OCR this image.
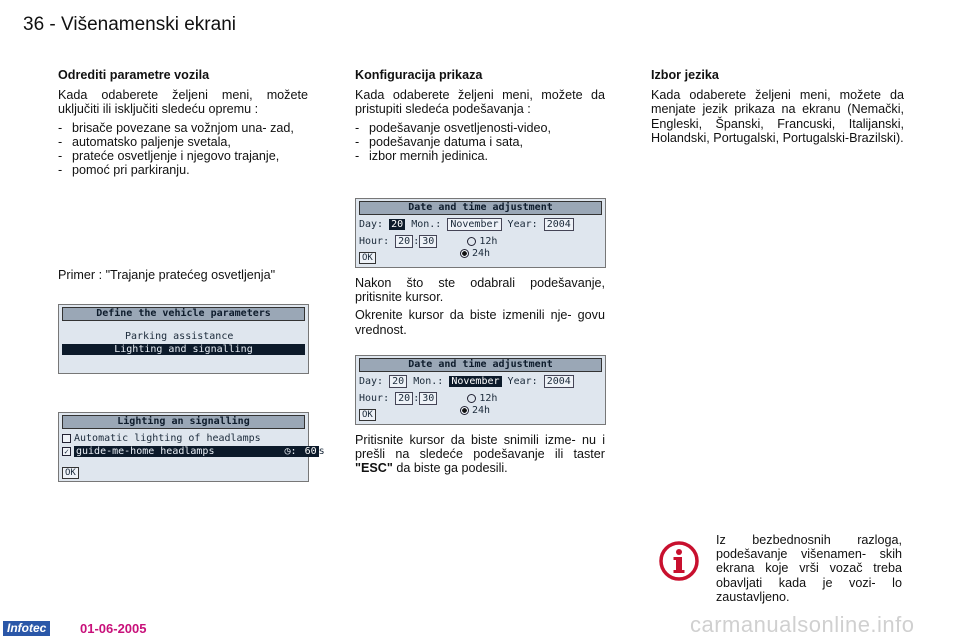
36 - Višenamenski ekrani
Odrediti parametre vozila

Kada odaberete željeni meni, možete uključiti ili isključiti sledeću opremu :

- brisače povezane sa vožnjom una- zad,
- automatsko paljenje svetala,
- prateće osvetljenje i njegovo trajanje,
- pomoć pri parkiranju.
Primer : "Trajanje pratećeg osvetljenja"
Define the vehicle parameters
Parking assistance
Lighting and signalling
Lighting an signalling
Automatic lighting of headlamps
✓ guide-me-home headlamps	◷: 60 s
OK
Konfiguracija prikaza

Kada odaberete željeni meni, možete da pristupiti sledeća podešavanja :

- podešavanje osvetljenosti-video,
- podešavanje datuma i sata,
- izbor mernih jedinica.
Date and time adjustment
Day: 20 Mon.: November Year: 2004
Hour: 20 : 30	12h
24h
OK

Nakon što ste odabrali podešavanje, pritisnite kursor.

Okrenite kursor da biste izmenili nje- govu vrednost.

Date and time adjustment
Day: 20 Mon.: November Year: 2004
Hour: 20 : 30	12h
24h
OK

Pritisnite kursor da biste snimili izme- nu i prešli na sledeće podešavanje ili taster "ESC" da biste ga podesili.

Izbor jezika

Kada odaberete željeni meni, možete da menjate jezik prikaza na ekranu (Nemački, Engleski, Španski, Francuski, Italijanski, Holandski, Portugalski, Portugalski-Brazilski).

Iz bezbednosnih razloga, podešavanje višenamen- skih ekrana koje vrši vozač treba obavljati kada je vozi- lo zaustavljeno.
Infotec	01-06-2005	carmanualsonline.info
